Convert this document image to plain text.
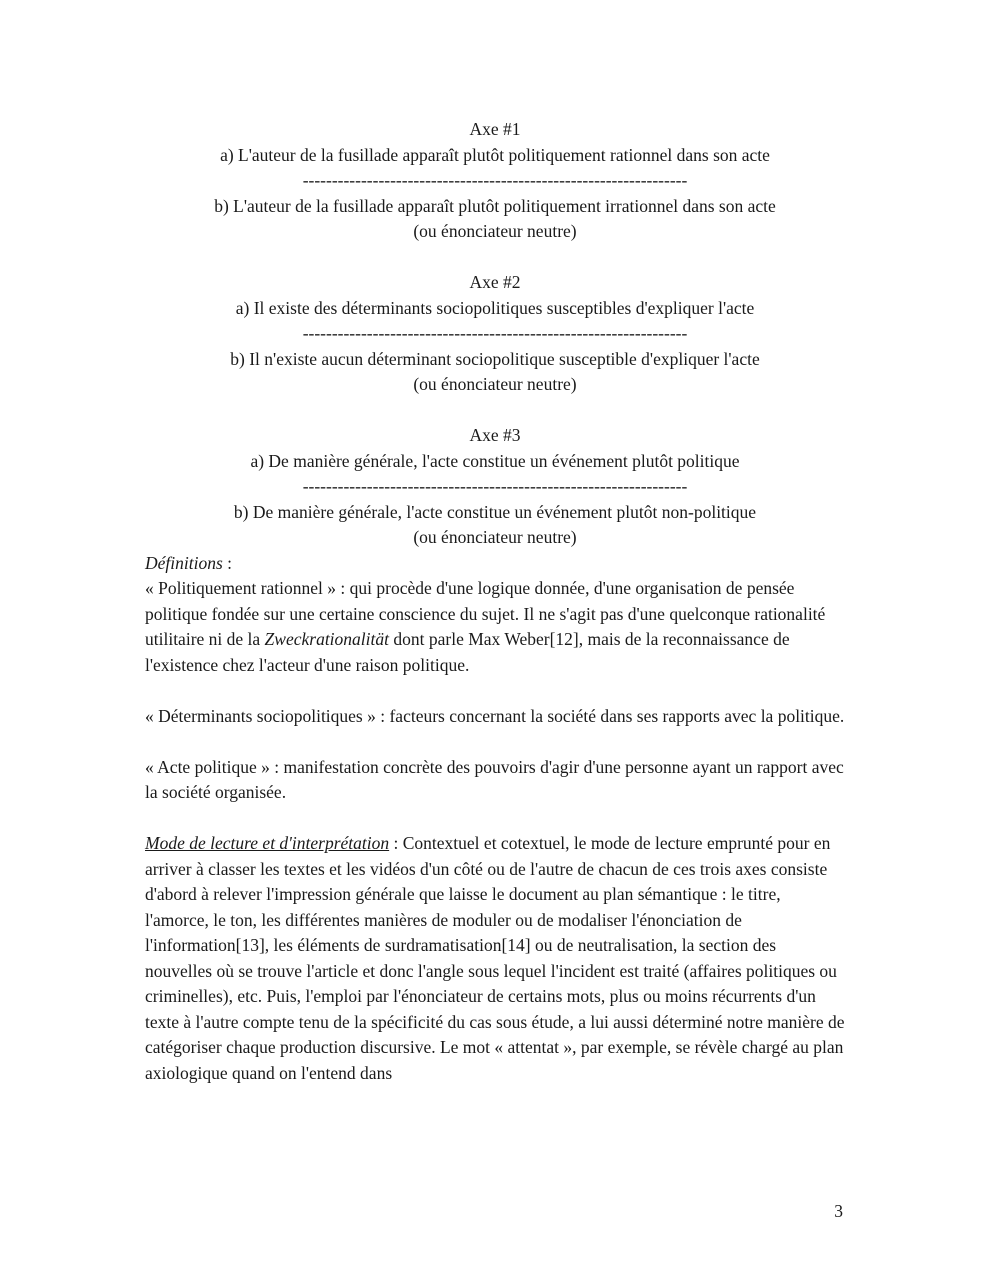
Axe #1
a) L'auteur de la fusillade apparaît plutôt politiquement rationnel dans son acte
------------------------------------------------------------------
b) L'auteur de la fusillade apparaît plutôt politiquement irrationnel dans son acte
(ou énonciateur neutre)
Axe #2
a) Il existe des déterminants sociopolitiques susceptibles d'expliquer l'acte
------------------------------------------------------------------
b) Il n'existe aucun déterminant sociopolitique susceptible d'expliquer l'acte
(ou énonciateur neutre)
Axe #3
a) De manière générale, l'acte constitue un événement plutôt politique
------------------------------------------------------------------
b) De manière générale, l'acte constitue un événement plutôt non-politique
(ou énonciateur neutre)
Définitions :

« Politiquement rationnel » : qui procède d'une logique donnée, d'une organisation de pensée politique fondée sur une certaine conscience du sujet. Il ne s'agit pas d'une quelconque rationalité utilitaire ni de la Zweckrationalität dont parle Max Weber[12], mais de la reconnaissance de l'existence chez l'acteur d'une raison politique.

« Déterminants sociopolitiques » : facteurs concernant la société dans ses rapports avec la politique.

« Acte politique » : manifestation concrète des pouvoirs d'agir d'une personne ayant un rapport avec la société organisée.

Mode de lecture et d'interprétation : Contextuel et cotextuel, le mode de lecture emprunté pour en arriver à classer les textes et les vidéos d'un côté ou de l'autre de chacun de ces trois axes consiste d'abord à relever l'impression générale que laisse le document au plan sémantique : le titre, l'amorce, le ton, les différentes manières de moduler ou de modaliser l'énonciation de l'information[13], les éléments de surdramatisation[14] ou de neutralisation, la section des nouvelles où se trouve l'article et donc l'angle sous lequel l'incident est traité (affaires politiques ou criminelles), etc. Puis, l'emploi par l'énonciateur de certains mots, plus ou moins récurrents d'un texte à l'autre compte tenu de la spécificité du cas sous étude, a lui aussi déterminé notre manière de catégoriser chaque production discursive. Le mot « attentat », par exemple, se révèle chargé au plan axiologique quand on l'entend dans

3
